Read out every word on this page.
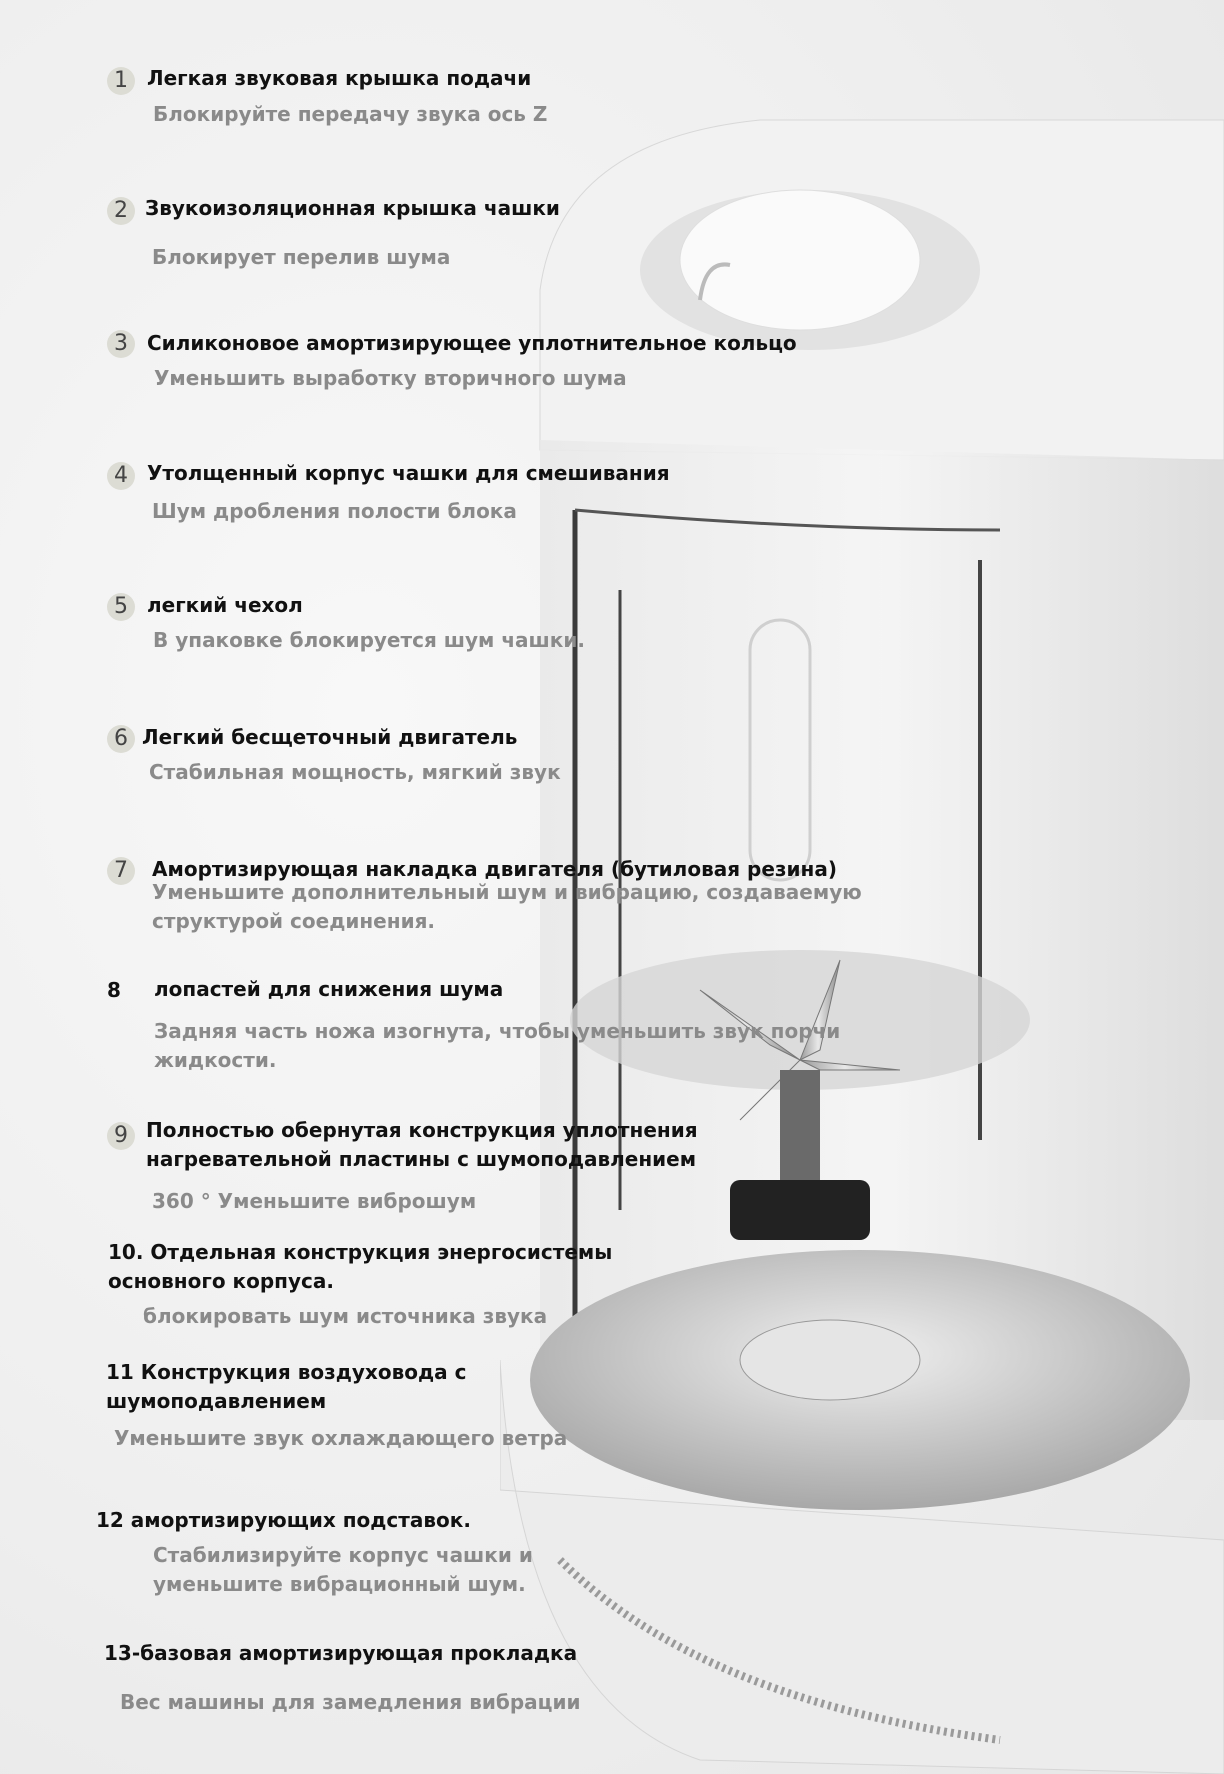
1 Легкая звуковая крышка подачи
Блокируйте передачу звука ось Z
2 Звукоизоляционная крышка чашки
Блокирует перелив шума
3 Силиконовое амортизирующее уплотнительное кольцо
Уменьшить выработку вторичного шума
4 Утолщенный корпус чашки для смешивания
Шум дробления полости блока
5 легкий чехол
В упаковке блокируется шум чашки.
6 Легкий бесщеточный двигатель
Стабильная мощность, мягкий звук
7	Амортизирующая накладка двигателя (бутиловая резина)
Уменьшите дополнительный шум и вибрацию, создаваемую
структурой соединения.
8 лопастей для снижения шума
Задняя часть ножа изогнута, чтобы уменьшить звук порчи
жидкости.
9 Полностью обернутая конструкция уплотнения
нагревательной пластины с шумоподавлением
360 ° Уменьшите виброшум
10. Отдельная конструкция энергосистемы
основного корпуса.
блокировать шум источника звука
11 Конструкция воздуховода с
шумоподавлением
Уменьшите звук охлаждающего ветра
12 амортизирующих подставок.
Стабилизируйте корпус чашки и
уменьшите вибрационный шум.
13-базовая амортизирующая прокладка
Вес машины для замедления вибрации
